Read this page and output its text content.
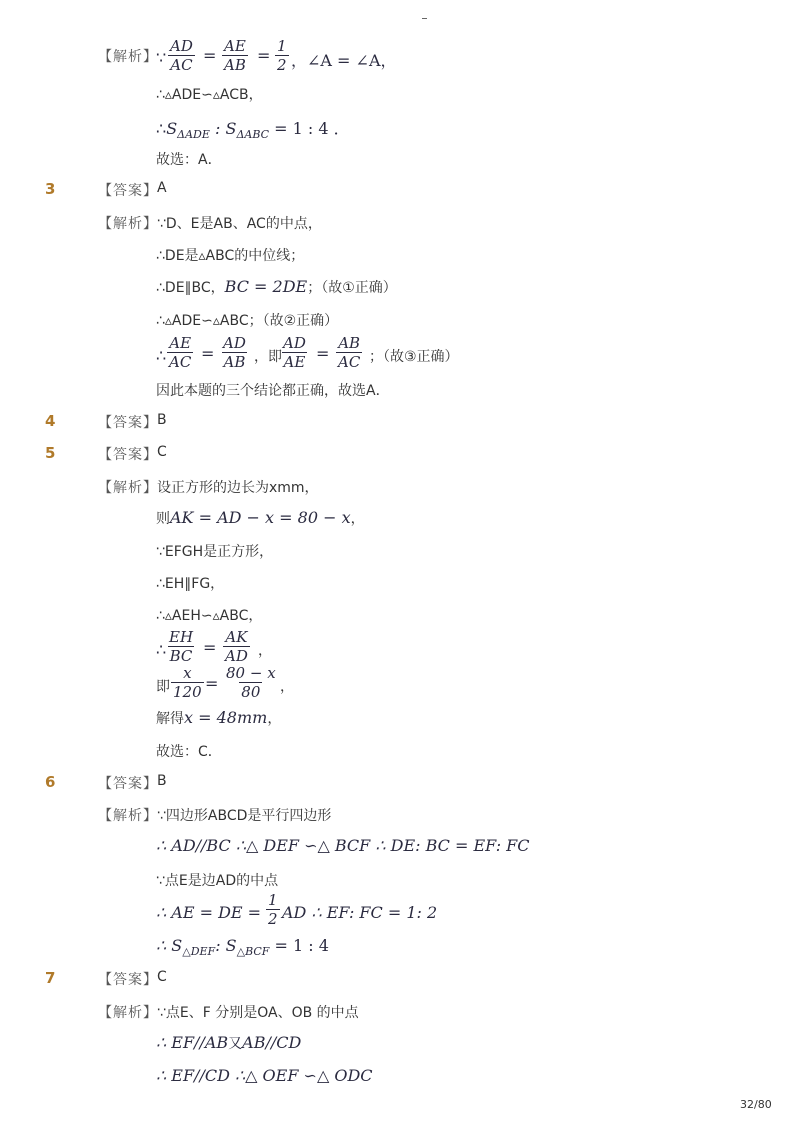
【解析】
∵ $\frac{AD}{AC} = \frac{AE}{AB} = \frac{1}{2}$ ，∠A = ∠A，
∴▵ADE∽▵ACB，
$\therefore S_{\Delta ADE}$ : $S_{\Delta ABC} = 1$ : 4 ．
故选：A．
3	【答案】 A
【解析】 ∵D、E是AB、AC的中点，
∴DE是▵ABC的中位线；
∴DE∥BC，BC = 2DE；（故①正确）
∴▵ADE∽▵ABC；（故②正确）
∴ $\frac{AE}{AC} = \frac{AD}{AB}$ ，即 $\frac{AD}{AE} = \frac{AB}{AC}$ ；（故③正确）
因此本题的三个结论都正确，故选A．
4	【答案】 B
5	【答案】 C
【解析】 设正方形的边长为xmm，
则AK = AD − x = 80 − x，
∵EFGH是正方形，
∴EH∥FG，
∴▵AEH∽▵ABC，
∴ $\frac{EH}{BC} = \frac{AK}{AD}$ ，
即 $\frac{x}{120} = \frac{80 - x}{80}$ ，
解得x = 48mm，
故选：C．
6	【答案】 B
【解析】 ∵四边形ABCD是平行四边形
∴ AD//BC ∴△ DEF ∽△ BCF ∴ DE: BC = EF: FC
∵点E是边AD的中点
∴ AE = DE = $\frac{1}{2}$ AD ∴ EF: FC = 1: 2
∴ $S_{\triangle DEF}$: $S_{\triangle BCF} = 1$ : 4
7	【答案】 C
【解析】 ∵点E、F 分别是OA、OB 的中点
∴ EF//AB又AB//CD
∴ EF//CD ∴△ OEF ∽△ ODC
32/80
